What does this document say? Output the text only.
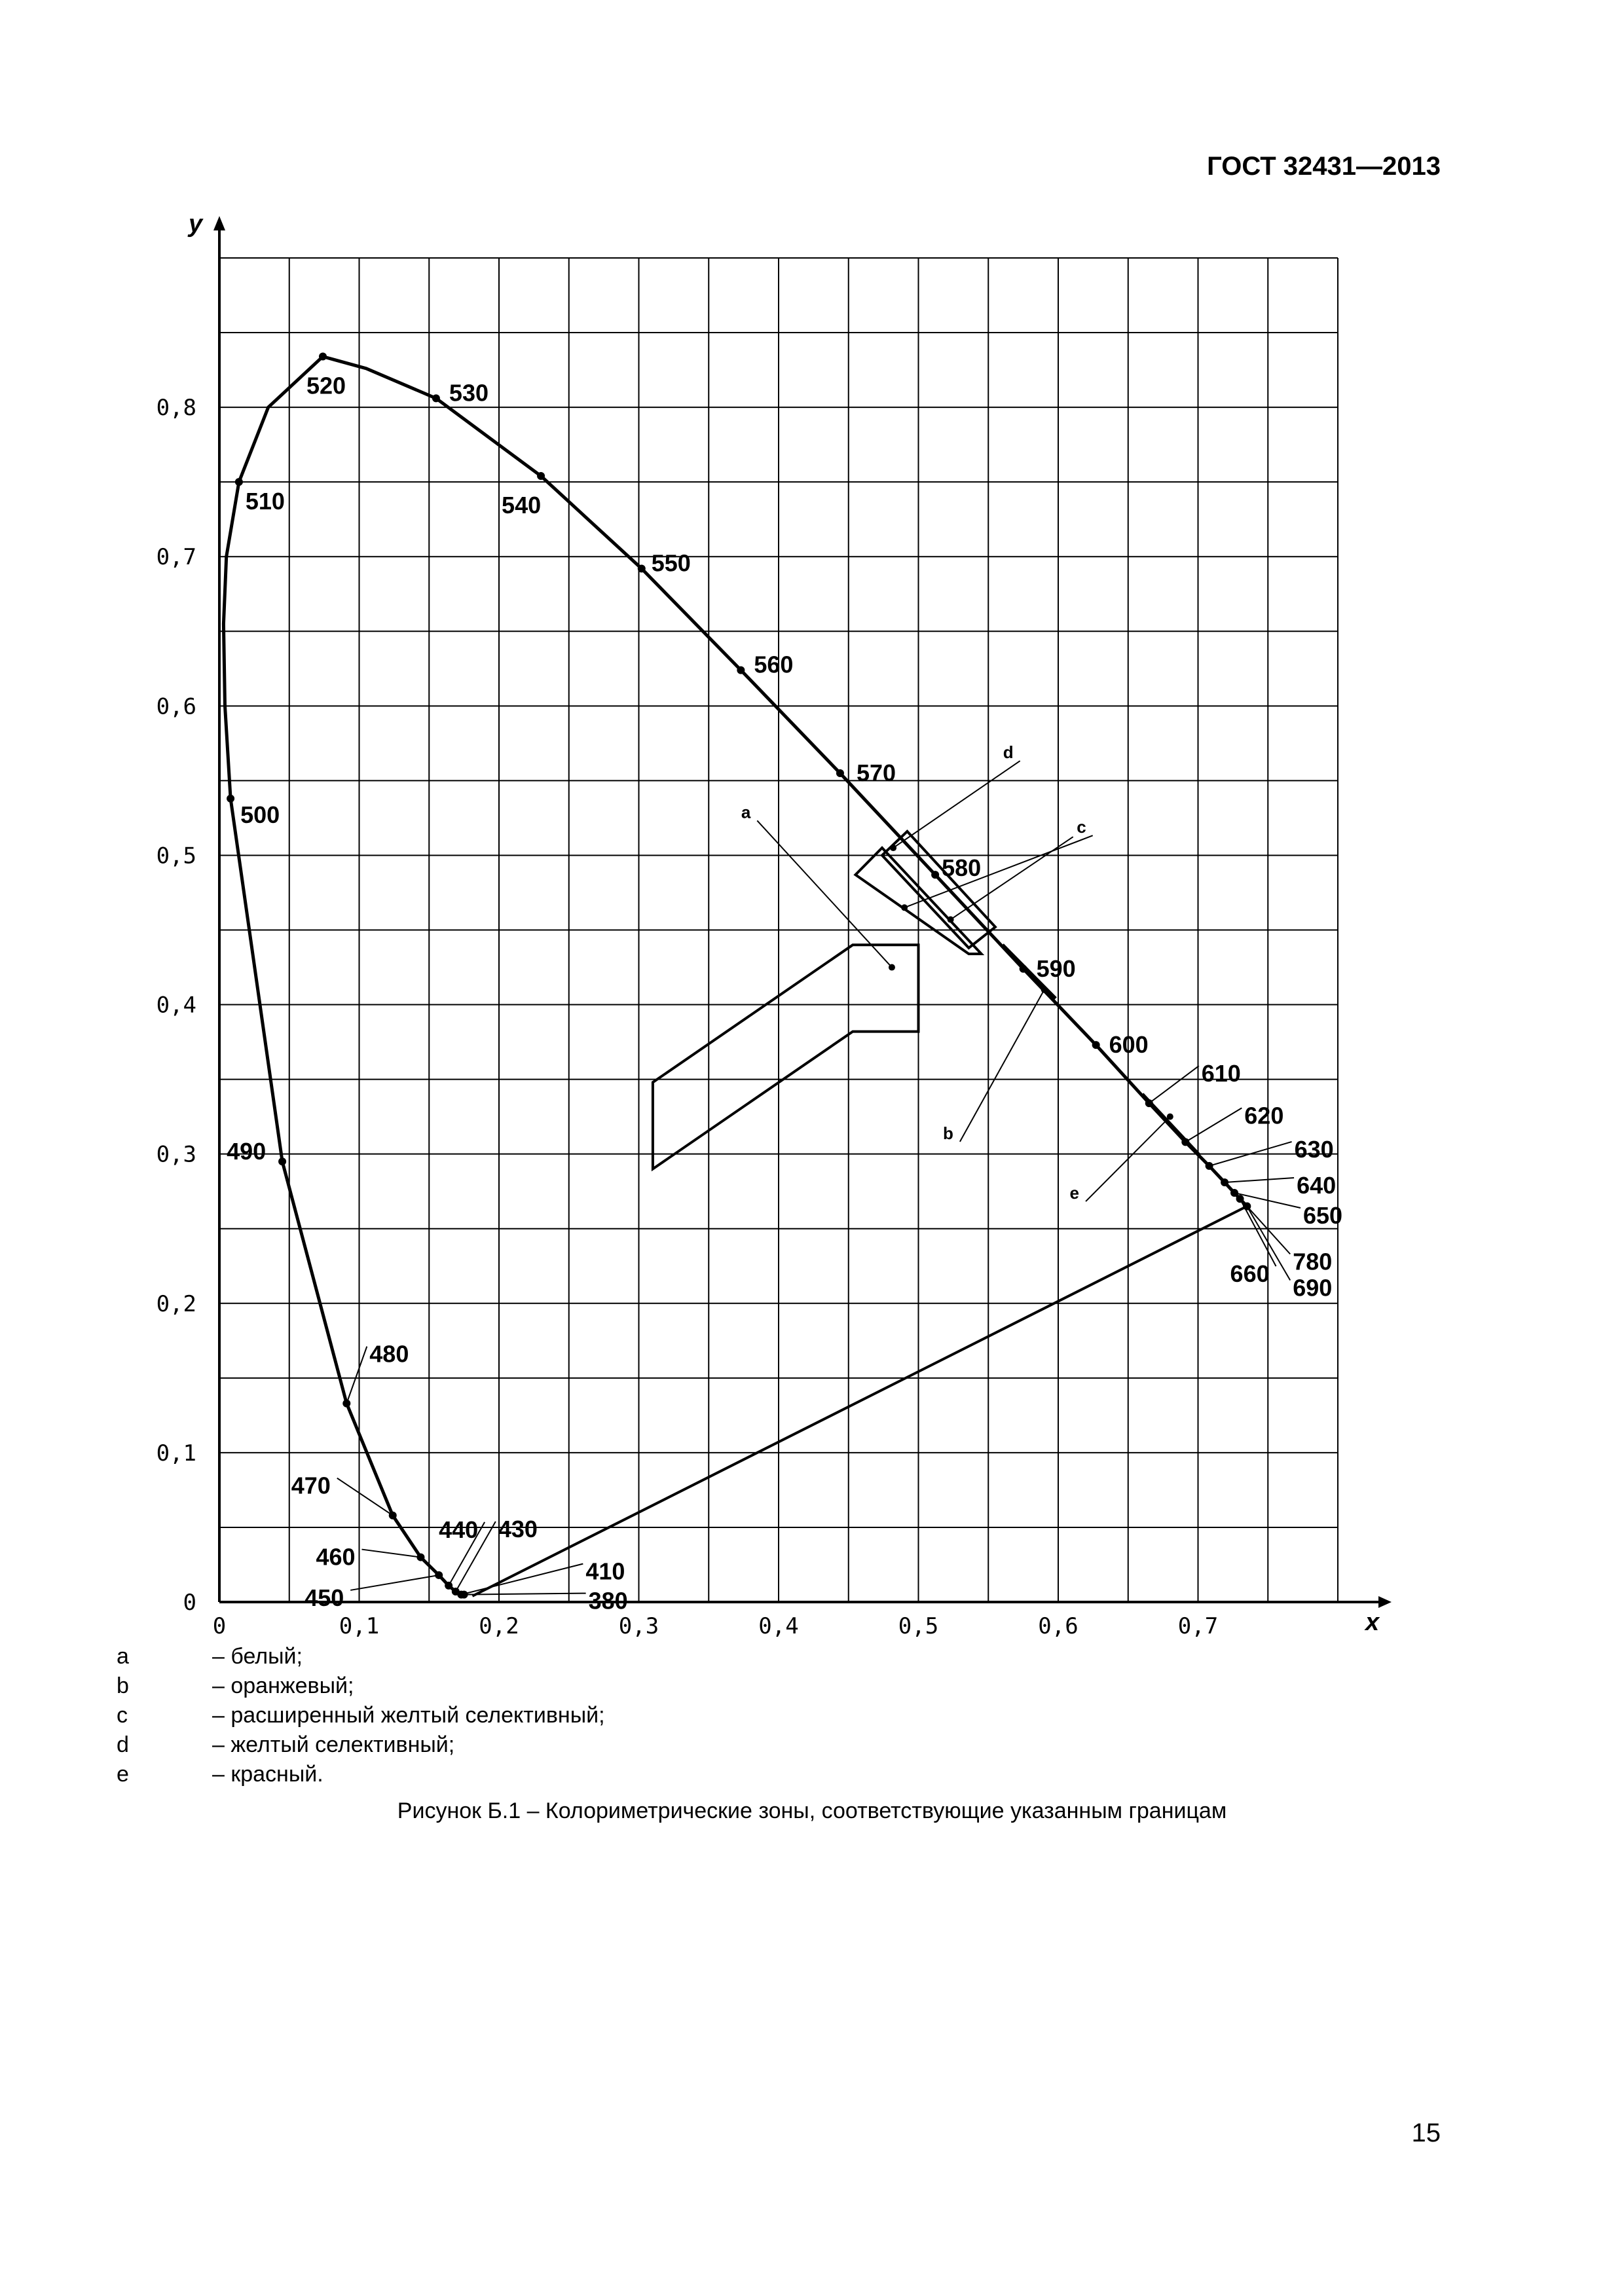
ГОСТ 32431—2013
x
y
0	0,1	0,2	0,3	0,4	0,5	0,6	0,7
0
0,1
0,2
0,3
0,4
0,5
0,6
0,7
0,8
a
b
c
d
e
520	530
540
550
560
570
580
590
600
610
620
630
640
650
660
690
780
510
500
490
480
470
460
450
440 430
410
380
a	– белый;
b	– оранжевый;
c	– расширенный желтый селективный;
d	– желтый селективный;
e	– красный.
Рисунок Б.1 – Колориметрические зоны, соответствующие указанным границам
15
